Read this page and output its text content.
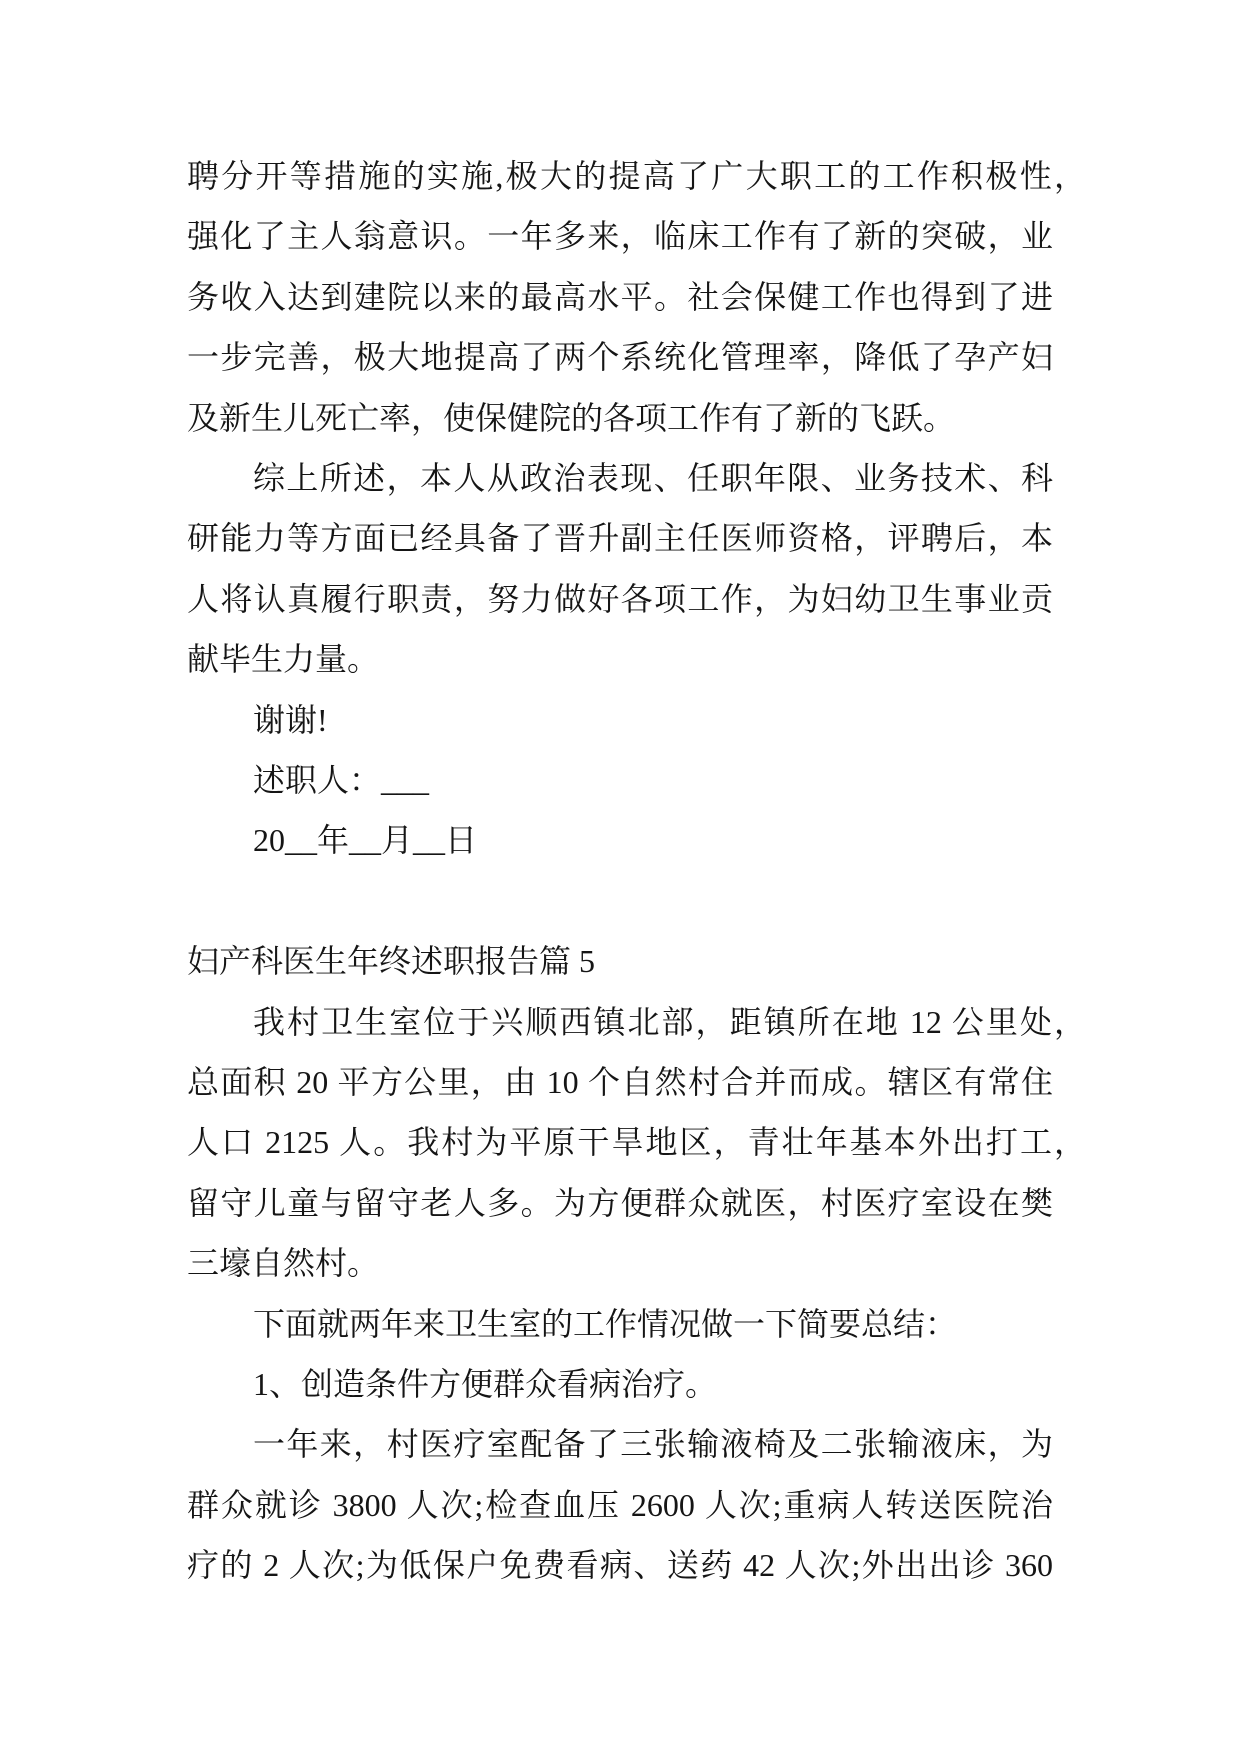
聘分开等措施的实施,极大的提高了广大职工的工作积极性，
强化了主人翁意识。一年多来，临床工作有了新的突破，业
务收入达到建院以来的最高水平。社会保健工作也得到了进
一步完善，极大地提高了两个系统化管理率，降低了孕产妇
及新生儿死亡率，使保健院的各项工作有了新的飞跃。
综上所述，本人从政治表现、任职年限、业务技术、科
研能力等方面已经具备了晋升副主任医师资格，评聘后，本
人将认真履行职责，努力做好各项工作，为妇幼卫生事业贡
献毕生力量。
谢谢!
述职人：___
20__年__月__日
妇产科医生年终述职报告篇 5
我村卫生室位于兴顺西镇北部，距镇所在地 12 公里处，
总面积 20 平方公里，由 10 个自然村合并而成。辖区有常住
人口 2125 人。我村为平原干旱地区，青壮年基本外出打工，
留守儿童与留守老人多。为方便群众就医，村医疗室设在樊
三壕自然村。
下面就两年来卫生室的工作情况做一下简要总结：
1、创造条件方便群众看病治疗。
一年来，村医疗室配备了三张输液椅及二张输液床，为
群众就诊 3800 人次;检查血压 2600 人次;重病人转送医院治
疗的 2 人次;为低保户免费看病、送药 42 人次;外出出诊 360
